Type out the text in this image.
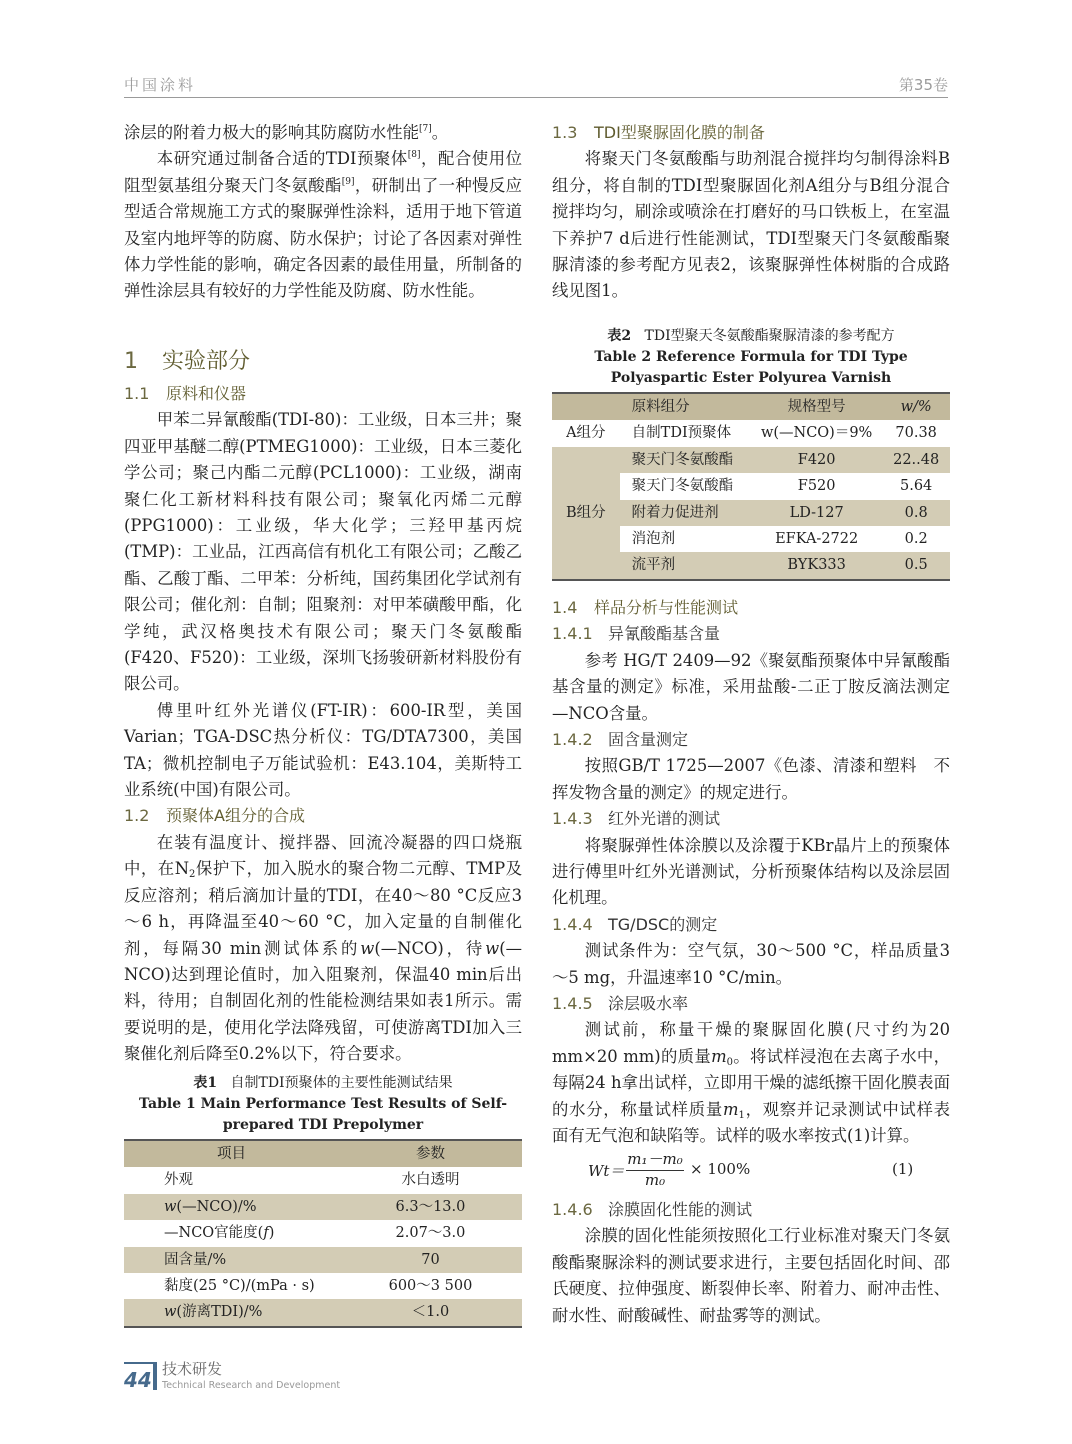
中国涂料	第35卷

涂层的附着力极大的影响其防腐防水性能[7]。

本研究通过制备合适的TDI预聚体[8]，配合使用位阻型氨基组分聚天门冬氨酸酯[9]，研制出了一种慢反应型适合常规施工方式的聚脲弹性涂料，适用于地下管道及室内地坪等的防腐、防水保护；讨论了各因素对弹性体力学性能的影响，确定各因素的最佳用量，所制备的弹性涂层具有较好的力学性能及防腐、防水性能。

1 实验部分
1.1 原料和仪器

甲苯二异氰酸酯(TDI-80)：工业级，日本三井；聚四亚甲基醚二醇(PTMEG1000)：工业级，日本三菱化学公司；聚己内酯二元醇(PCL1000)：工业级，湖南聚仁化工新材料科技有限公司；聚氧化丙烯二元醇(PPG1000)：工业级，华大化学；三羟甲基丙烷(TMP)：工业品，江西高信有机化工有限公司；乙酸乙酯、乙酸丁酯、二甲苯：分析纯，国药集团化学试剂有限公司；催化剂：自制；阻聚剂：对甲苯磺酸甲酯，化学纯，武汉格奥技术有限公司；聚天门冬氨酸酯(F420、F520)：工业级，深圳飞扬骏研新材料股份有限公司。

傅里叶红外光谱仪(FT-IR)：600-IR型，美国Varian；TGA-DSC热分析仪：TG/DTA7300，美国TA；微机控制电子万能试验机：E43.104，美斯特工业系统(中国)有限公司。

1.2 预聚体A组分的合成

在装有温度计、搅拌器、回流冷凝器的四口烧瓶中，在$N_2$保护下，加入脱水的聚合物二元醇、TMP及反应溶剂；稍后滴加计量的TDI，在40～80 °C反应3～6 h，再降温至40～60 °C，加入定量的自制催化剂，每隔30 min测试体系的w(—NCO)，待w(—NCO)达到理论值时，加入阻聚剂，保温40 min后出料，待用；自制固化剂的性能检测结果如表1所示。需要说明的是，使用化学法降残留，可使游离TDI加入三聚催化剂后降至0.2%以下，符合要求。

表1 自制TDI预聚体的主要性能测试结果
Table 1 Main Performance Test Results of Self-prepared TDI Prepolymer
项目	参数
外观	水白透明
w(—NCO)/%	6.3～13.0
—NCO官能度(f)	2.07～3.0
固含量/%	70
黏度(25 °C)/(mPa · s)	600～3 500
w(游离TDI)/%	＜1.0
1.3 TDI型聚脲固化膜的制备

将聚天门冬氨酸酯与助剂混合搅拌均匀制得涂料B组分，将自制的TDI型聚脲固化剂A组分与B组分混合搅拌均匀，刷涂或喷涂在打磨好的马口铁板上，在室温下养护7 d后进行性能测试，TDI型聚天门冬氨酸酯聚脲清漆的参考配方见表2，该聚脲弹性体树脂的合成路线见图1。

表2 TDI型聚天冬氨酸酯聚脲清漆的参考配方
Table 2 Reference Formula for TDI Type Polyaspartic Ester Polyurea Varnish
	原料组分	规格型号	w/%
A组分	自制TDI预聚体	w(—NCO)＝9%	70.38
B组分	聚天门冬氨酸酯	F420	22..48
	聚天门冬氨酸酯	F520	5.64
	附着力促进剂	LD-127	0.8
	消泡剂	EFKA-2722	0.2
	流平剂	BYK333	0.5
1.4 样品分析与性能测试
1.4.1 异氰酸酯基含量

参考 HG/T 2409—92《聚氨酯预聚体中异氰酸酯基含量的测定》标准，采用盐酸-二正丁胺反滴法测定—NCO含量。

1.4.2 固含量测定

按照GB/T 1725—2007《色漆、清漆和塑料　不挥发物含量的测定》的规定进行。

1.4.3 红外光谱的测试

将聚脲弹性体涂膜以及涂覆于KBr晶片上的预聚体进行傅里叶红外光谱测试，分析预聚体结构以及涂层固化机理。

1.4.4 TG/DSC的测定

测试条件为：空气氛，30～500 °C，样品质量3～5 mg，升温速率10 °C/min。

1.4.5 涂层吸水率

测试前，称量干燥的聚脲固化膜(尺寸约为20 mm×20 mm)的质量$m_0$。将试样浸泡在去离子水中，每隔24 h拿出试样，立即用干燥的滤纸擦干固化膜表面的水分，称量试样质量$m_1$，观察并记录测试中试样表面有无气泡和缺陷等。试样的吸水率按式(1)计算。

$Wt= \frac{\text{m₁－m₀}}{\text{m₀}} \times 100\%$	(1)
1.4.6 涂膜固化性能的测试

涂膜的固化性能须按照化工行业标准对聚天门冬氨酸酯聚脲涂料的测试要求进行，主要包括固化时间、邵氏硬度、拉伸强度、断裂伸长率、附着力、耐冲击性、耐水性、耐酸碱性、耐盐雾等的测试。

44 技术研发
Technical Research and Development
